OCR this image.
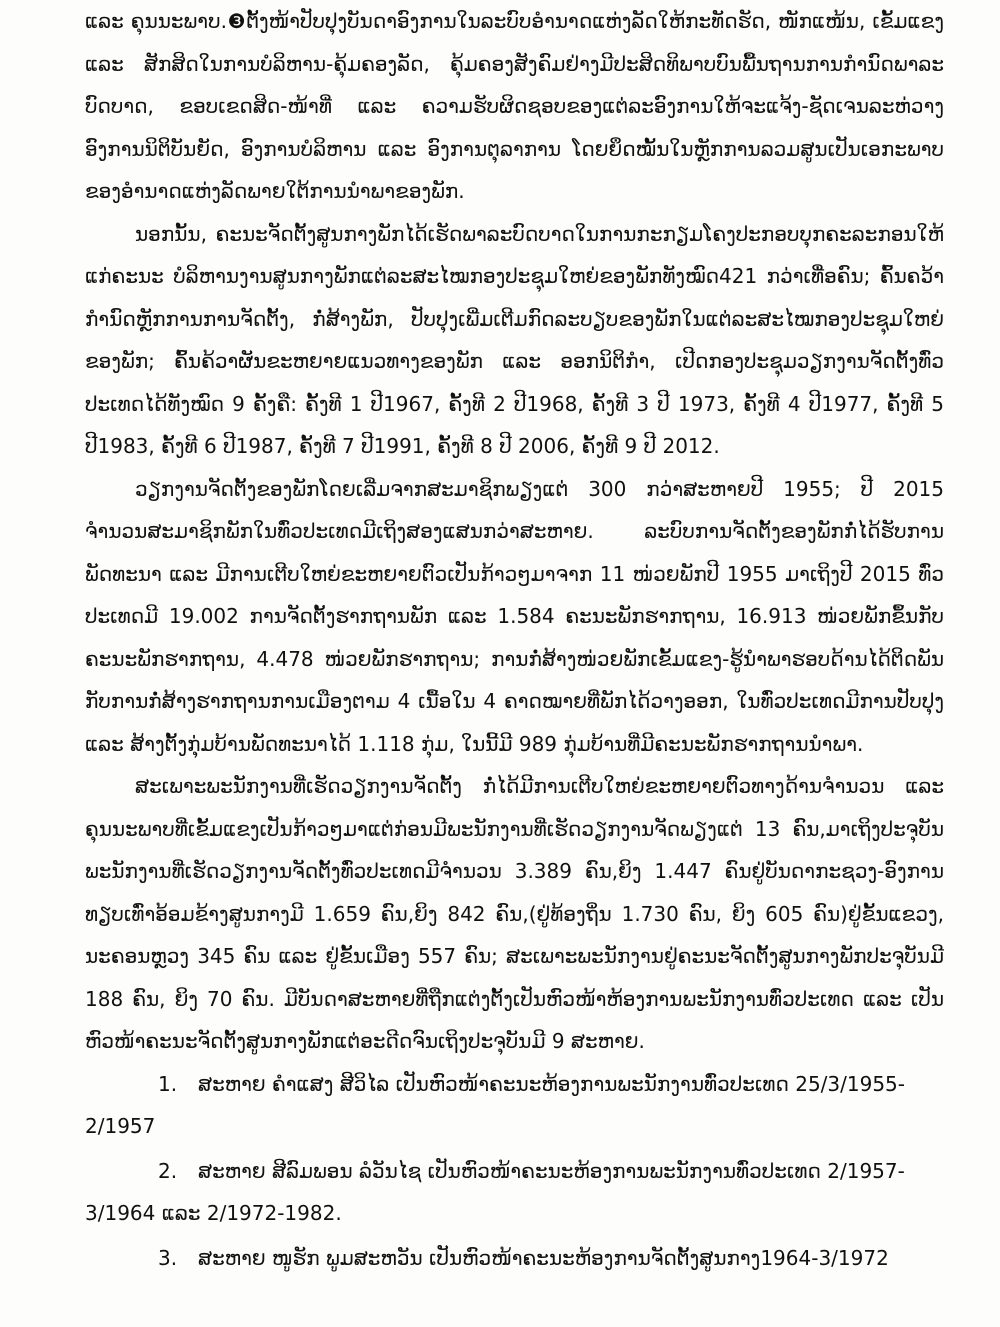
ແລະ ຄຸນນະພາບ.❸ຕັ້ງໜ້າປັບປຸງບັນດາອົງການໃນລະບົບອຳນາດແຫ່ງລັດໃຫ້ກະທັດຮັດ, ໜັກແໜ້ນ, ເຂັ້ມແຂງ ແລະ ສັກສິດໃນການບໍລິຫານ-ຄຸ້ມຄອງລັດ, ຄຸ້ມຄອງສັງຄົມຢ່າງມີປະສິດທິພາບບົນພື້ນຖານການກຳນົດພາລະບົດບາດ, ຂອບເຂດສິດ-ໜ້າທີ່ ແລະ ຄວາມຮັບຜິດຊອບຂອງແຕ່ລະອົງການໃຫ້ຈະແຈ້ງ-ຊັດເຈນລະຫ່ວາງອົງການນິຕິບັນຍັດ, ອົງການບໍລິຫານ ແລະ ອົງການຕຸລາການ ໂດຍຍຶດໝັ້ນໃນຫຼັກການລວມສູນເປັນເອກະພາບຂອງອຳນາດແຫ່ງລັດພາຍໃຕ້ການນຳພາຂອງພັກ.

ນອກນັ້ນ, ຄະນະຈັດຕັ້ງສູນກາງພັກໄດ້ເຮັດພາລະບົດບາດໃນການກະກຽມໂຄງປະກອບບຸກຄະລະກອນໃຫ້ແກ່ຄະນະ ບໍລິຫານງານສູນກາງພັກແຕ່ລະສະໄໝກອງປະຊຸມໃຫຍ່ຂອງພັກທັງໝົດ421 ກວ່າເທື່ອຄົນ; ຄົ້ນຄວ້າກຳນົດຫຼັກການການຈັດຕັ້ງ, ກໍ່ສ້າງພັກ, ປັບປຸງເພີ່ມເຕີມກົດລະບຽບຂອງພັກໃນແຕ່ລະສະໄໝກອງປະຊຸມໃຫຍ່ຂອງພັກ; ຄົ້ນຄ້ວາຜັນຂະຫຍາຍແນວທາງຂອງພັກ ແລະ ອອກນິຕິກຳ, ເປີດກອງປະຊຸມວຽກງານຈັດຕັ້ງທົ່ວປະເທດໄດ້ທັງໝົດ 9 ຄັ້ງຄື: ຄັ້ງທີ 1 ປີ1967, ຄັ້ງທີ 2 ປີ1968, ຄັ້ງທີ 3 ປີ 1973, ຄັ້ງທີ 4 ປີ1977, ຄັ້ງທີ 5 ປີ1983, ຄັ້ງທີ 6 ປີ1987, ຄັ້ງທີ 7 ປີ1991, ຄັ້ງທີ 8 ປີ 2006, ຄັ້ງທີ 9 ປີ 2012.

ວຽກງານຈັດຕັ້ງຂອງພັກໂດຍເລີ່ມຈາກສະມາຊິກພຽງແຕ່ 300 ກວ່າສະຫາຍປີ 1955; ປີ 2015 ຈຳນວນສະມາຊິກພັກໃນທົ່ວປະເທດມີເຖິງສອງແສນກວ່າສະຫາຍ. ລະບົບການຈັດຕັ້ງຂອງພັກກໍ່ໄດ້ຮັບການພັດທະນາ ແລະ ມີການເຕີບໃຫຍ່ຂະຫຍາຍຕົວເປັນກ້າວໆມາຈາກ 11 ໜ່ວຍພັກປີ 1955 ມາເຖິງປີ 2015 ທົ່ວປະເທດມີ 19.002 ການຈັດຕັ້ງຮາກຖານພັກ ແລະ 1.584 ຄະນະພັກຮາກຖານ, 16.913 ໜ່ວຍພັກຂຶ້ນກັບຄະນະພັກຮາກຖານ, 4.478 ໜ່ວຍພັກຮາກຖານ; ການກໍ່ສ້າງໜ່ວຍພັກເຂັ້ມແຂງ-ຮູ້ນຳພາຮອບດ້ານໄດ້ຕິດພັນກັບການກໍ່ສ້າງຮາກຖານການເມືອງຕາມ 4 ເນື້ອໃນ 4 ຄາດໝາຍທີ່ພັກໄດ້ວາງອອກ, ໃນທົ່ວປະເທດມີການປັບປຸງ ແລະ ສ້າງຕັ້ງກຸ່ມບ້ານພັດທະນາໄດ້ 1.118 ກຸ່ມ, ໃນນີ້ມີ 989 ກຸ່ມບ້ານທີ່ມີຄະນະພັກຮາກຖານນຳພາ.

ສະເພາະພະນັກງານທີ່ເຮັດວຽກງານຈັດຕັ້ງ ກໍ່ໄດ້ມີການເຕີບໃຫຍ່ຂະຫຍາຍຕົວທາງດ້ານຈຳນວນ ແລະ ຄຸນນະພາບທີ່ເຂັ້ມແຂງເປັນກ້າວໆມາແຕ່ກ່ອນມີພະນັກງານທີ່ເຮັດວຽກງານຈັດພຽງແຕ່ 13 ຄົນ,ມາເຖິງປະຈຸບັນພະນັກງານທີ່ເຮັດວຽກງານຈັດຕັ້ງທົ່ວປະເທດມີຈຳນວນ 3.389 ຄົນ,ຍິງ 1.447 ຄົນຢູ່ບັນດາກະຊວງ-ອົງການທຽບເທົ່າອ້ອມຂ້າງສູນກາງມີ 1.659 ຄົນ,ຍິງ 842 ຄົນ,(ຢູ່ທ້ອງຖິ່ນ 1.730 ຄົນ, ຍິງ 605 ຄົນ)ຢູ່ຂັ້ນແຂວງ, ນະຄອນຫຼວງ 345 ຄົນ ແລະ ຢູ່ຂັ້ນເມືອງ 557 ຄົນ; ສະເພາະພະນັກງານຢູ່ຄະນະຈັດຕັ້ງສູນກາງພັກປະຈຸບັນມີ 188 ຄົນ, ຍິງ 70 ຄົນ. ມີບັນດາສະຫາຍທີ່ຖືກແຕ່ງຕັ້ງເປັນຫົວໜ້າຫ້ອງການພະນັກງານທົ່ວປະເທດ ແລະ ເປັນຫົວໜ້າຄະນະຈັດຕັ້ງສູນກາງພັກແຕ່ອະດີດຈົນເຖິງປະຈຸບັນມີ 9 ສະຫາຍ.

1. ສະຫາຍ ຄຳແສງ ສີວິໄລ ເປັນຫົວໜ້າຄະນະຫ້ອງການພະນັກງານທົ່ວປະເທດ 25/3/1955-2/1957

2. ສະຫາຍ ສີລົມພອນ ລໍວັນໄຊ ເປັນຫົວໜ້າຄະນະຫ້ອງການພະນັກງານທົ່ວປະເທດ 2/1957-3/1964 ແລະ 2/1972-1982.

3. ສະຫາຍ ໜູຮັກ ພູມສະຫວັນ ເປັນຫົວໜ້າຄະນະຫ້ອງການຈັດຕັ້ງສູນກາງ1964-3/1972
